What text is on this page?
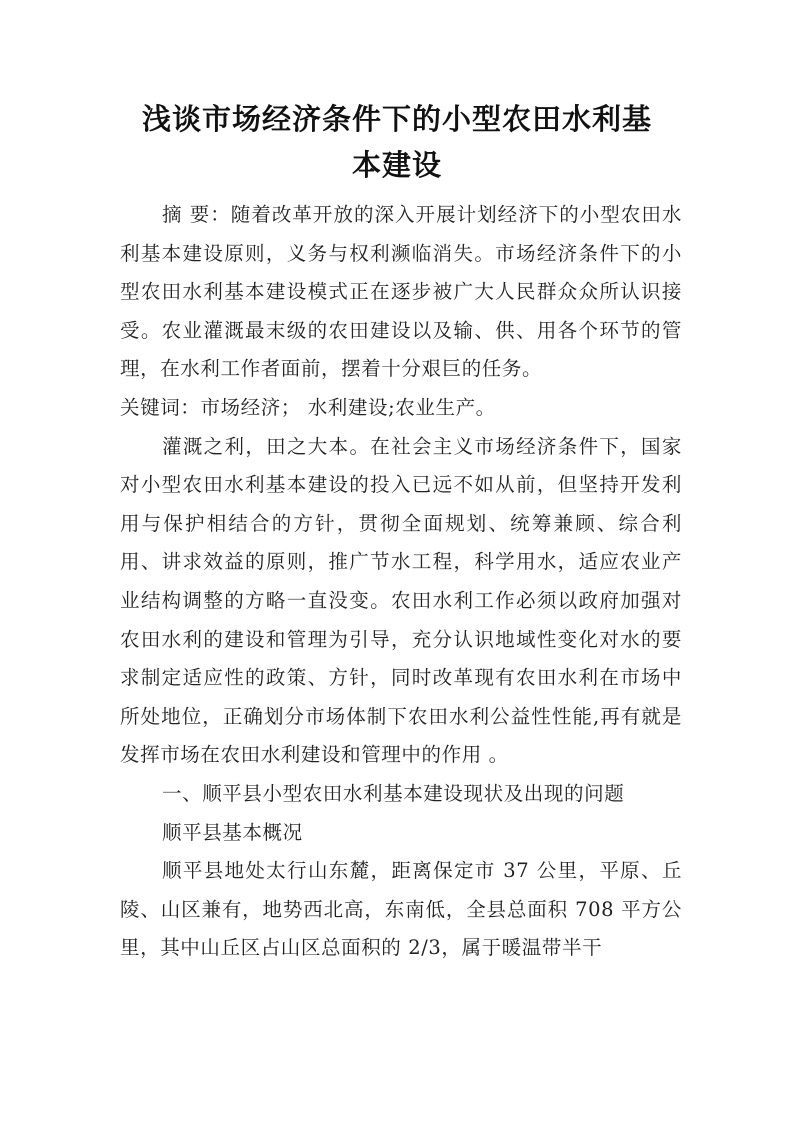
浅谈市场经济条件下的小型农田水利基
本建设

摘 要：随着改革开放的深入开展计划经济下的小型农田水利基本建设原则，义务与权利濒临消失。市场经济条件下的小型农田水利基本建设模式正在逐步被广大人民群众众所认识接受。农业灌溉最末级的农田建设以及输、供、用各个环节的管理，在水利工作者面前，摆着十分艰巨的任务。

关键词：市场经济； 水利建设;农业生产。

灌溉之利，田之大本。在社会主义市场经济条件下，国家对小型农田水利基本建设的投入已远不如从前，但坚持开发利用与保护相结合的方针，贯彻全面规划、统筹兼顾、综合利用、讲求效益的原则，推广节水工程，科学用水，适应农业产业结构调整的方略一直没变。农田水利工作必须以政府加强对农田水利的建设和管理为引导，充分认识地域性变化对水的要求制定适应性的政策、方针，同时改革现有农田水利在市场中所处地位，正确划分市场体制下农田水利公益性性能,再有就是发挥市场在农田水利建设和管理中的作用 。

一、顺平县小型农田水利基本建设现状及出现的问题

顺平县基本概况

顺平县地处太行山东麓，距离保定市 37 公里，平原、丘陵、山区兼有，地势西北高，东南低，全县总面积 708 平方公里，其中山丘区占山区总面积的 2/3，属于暖温带半干
